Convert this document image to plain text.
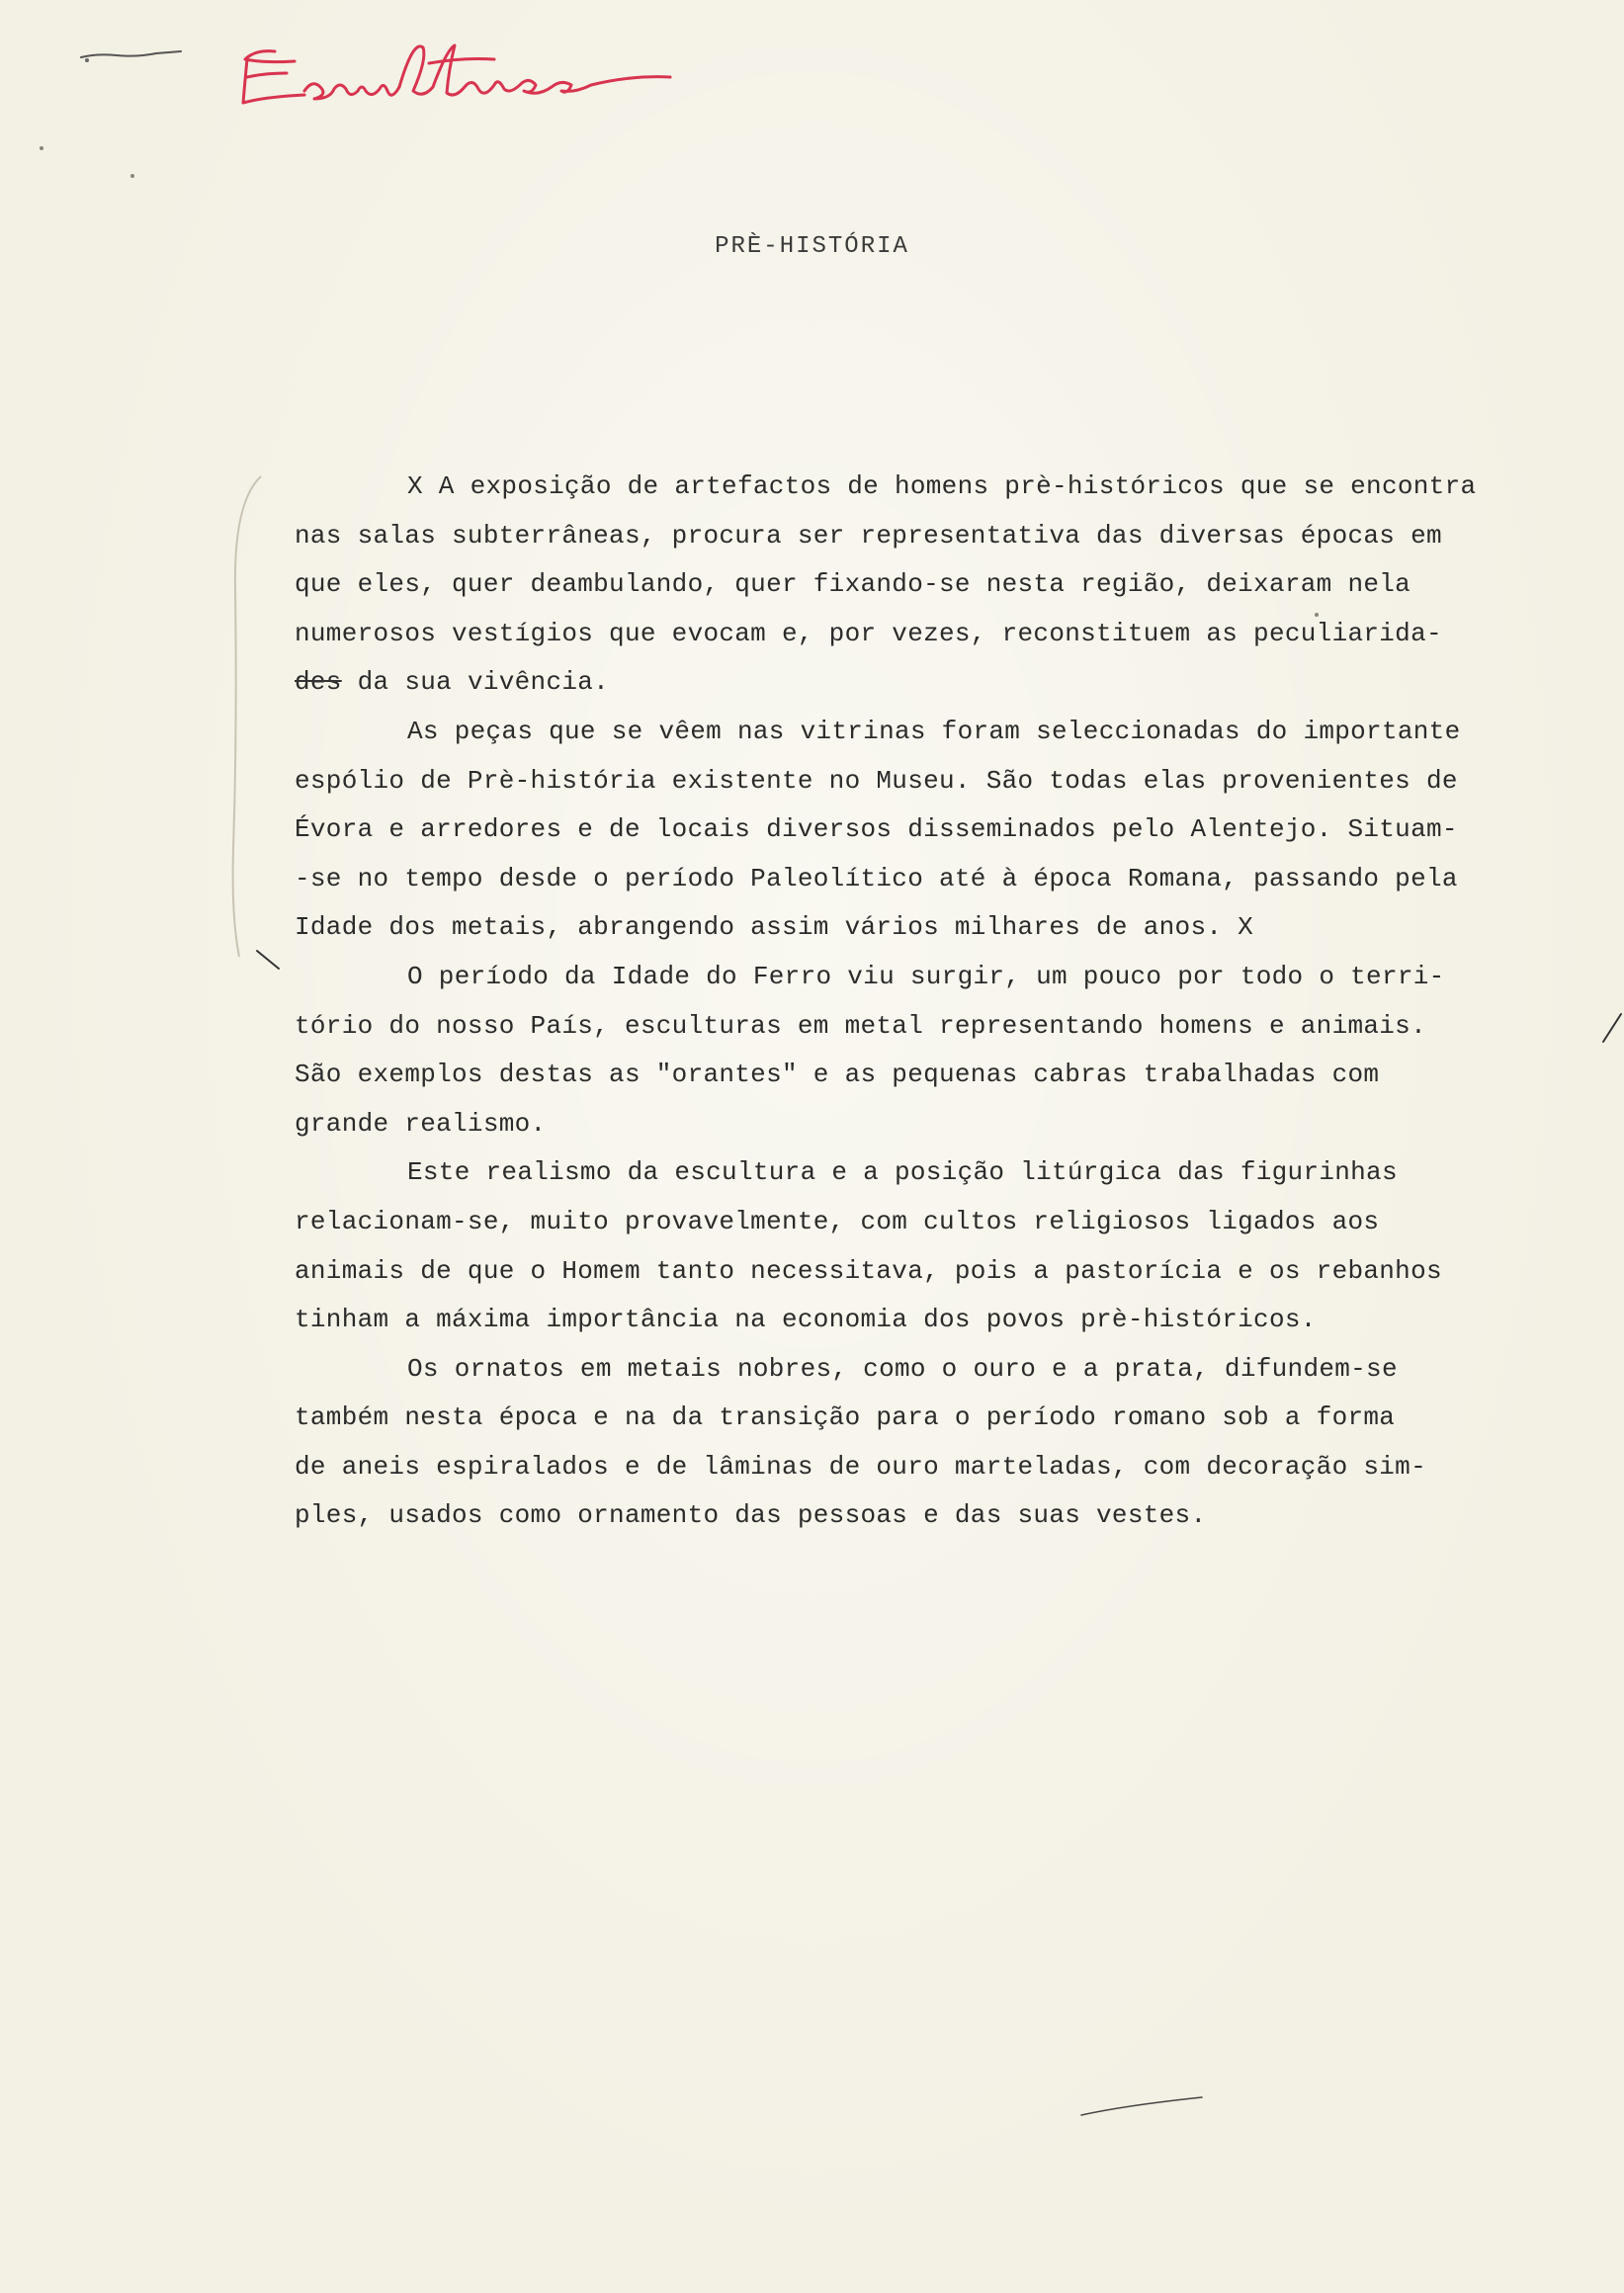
PRÈ-HISTÓRIA
X A exposição de artefactos de homens prè-históricos que se encontra
nas salas subterrâneas, procura ser representativa das diversas épocas em
que eles, quer deambulando, quer fixando-se nesta região, deixaram nela
numerosos vestígios que evocam e, por vezes, reconstituem as peculiarida-
des da sua vivência.
As peças que se vêem nas vitrinas foram seleccionadas do importante
espólio de Prè-história existente no Museu. São todas elas provenientes de
Évora e arredores e de locais diversos disseminados pelo Alentejo. Situam-
-se no tempo desde o período Paleolítico até à época Romana, passando pela
Idade dos metais, abrangendo assim vários milhares de anos. X
O período da Idade do Ferro viu surgir, um pouco por todo o terri-
tório do nosso País, esculturas em metal representando homens e animais.
São exemplos destas as "orantes" e as pequenas cabras trabalhadas com
grande realismo.
Este realismo da escultura e a posição litúrgica das figurinhas
relacionam-se, muito provavelmente, com cultos religiosos ligados aos
animais de que o Homem tanto necessitava, pois a pastorícia e os rebanhos
tinham a máxima importância na economia dos povos prè-históricos.
Os ornatos em metais nobres, como o ouro e a prata, difundem-se
também nesta época e na da transição para o período romano sob a forma
de aneis espiralados e de lâminas de ouro marteladas, com decoração sim-
ples, usados como ornamento das pessoas e das suas vestes.
